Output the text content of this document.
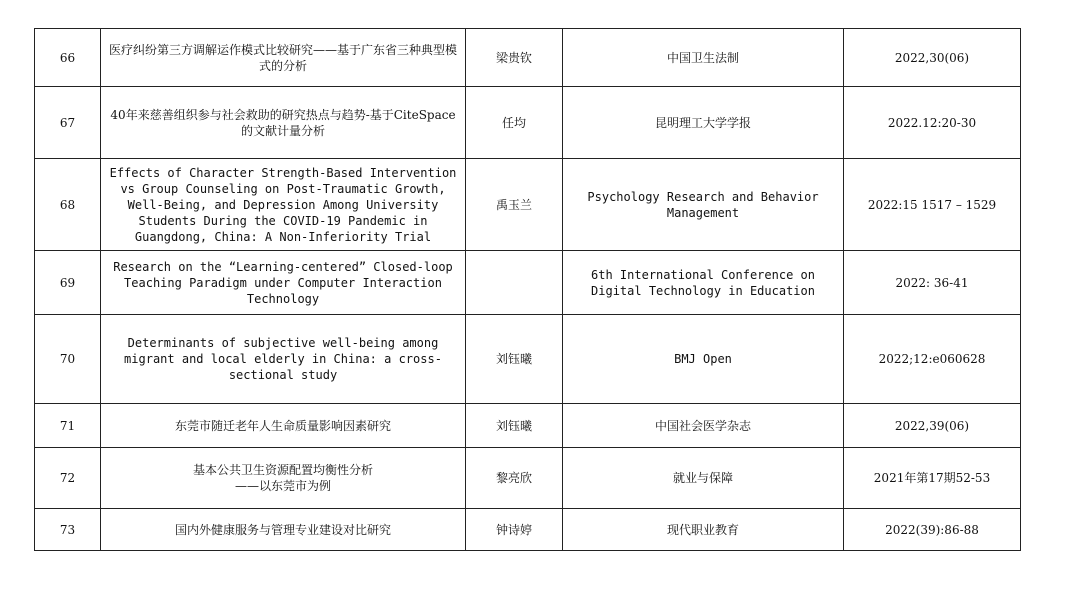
66	医疗纠纷第三方调解运作模式比较研究——基于广东省三种典型模式的分析	梁贵钦	中国卫生法制	2022,30(06)
67	40年来慈善组织参与社会救助的研究热点与趋势-基于CiteSpace的文献计量分析	任均	昆明理工大学学报	2022.12:20-30
68	Effects of Character Strength-Based Intervention vs Group Counseling on Post-Traumatic Growth, Well-Being, and Depression Among University Students During the COVID-19 Pandemic in Guangdong, China: A Non-Inferiority Trial	禹玉兰	Psychology Research and Behavior Management	2022:15 1517 – 1529
69	Research on the “Learning-centered” Closed-loop Teaching Paradigm under Computer Interaction Technology		6th International Conference on Digital Technology in Education	2022: 36-41
70	Determinants of subjective well-being among migrant and local elderly in China: a cross-sectional study	刘钰曦	BMJ Open	2022;12:e060628
71	东莞市随迁老年人生命质量影响因素研究	刘钰曦	中国社会医学杂志	2022,39(06)
72	基本公共卫生资源配置均衡性分析
——以东莞市为例	黎亮欣	就业与保障	2021年第17期52-53
73	国内外健康服务与管理专业建设对比研究	钟诗婷	现代职业教育	2022(39):86-88
